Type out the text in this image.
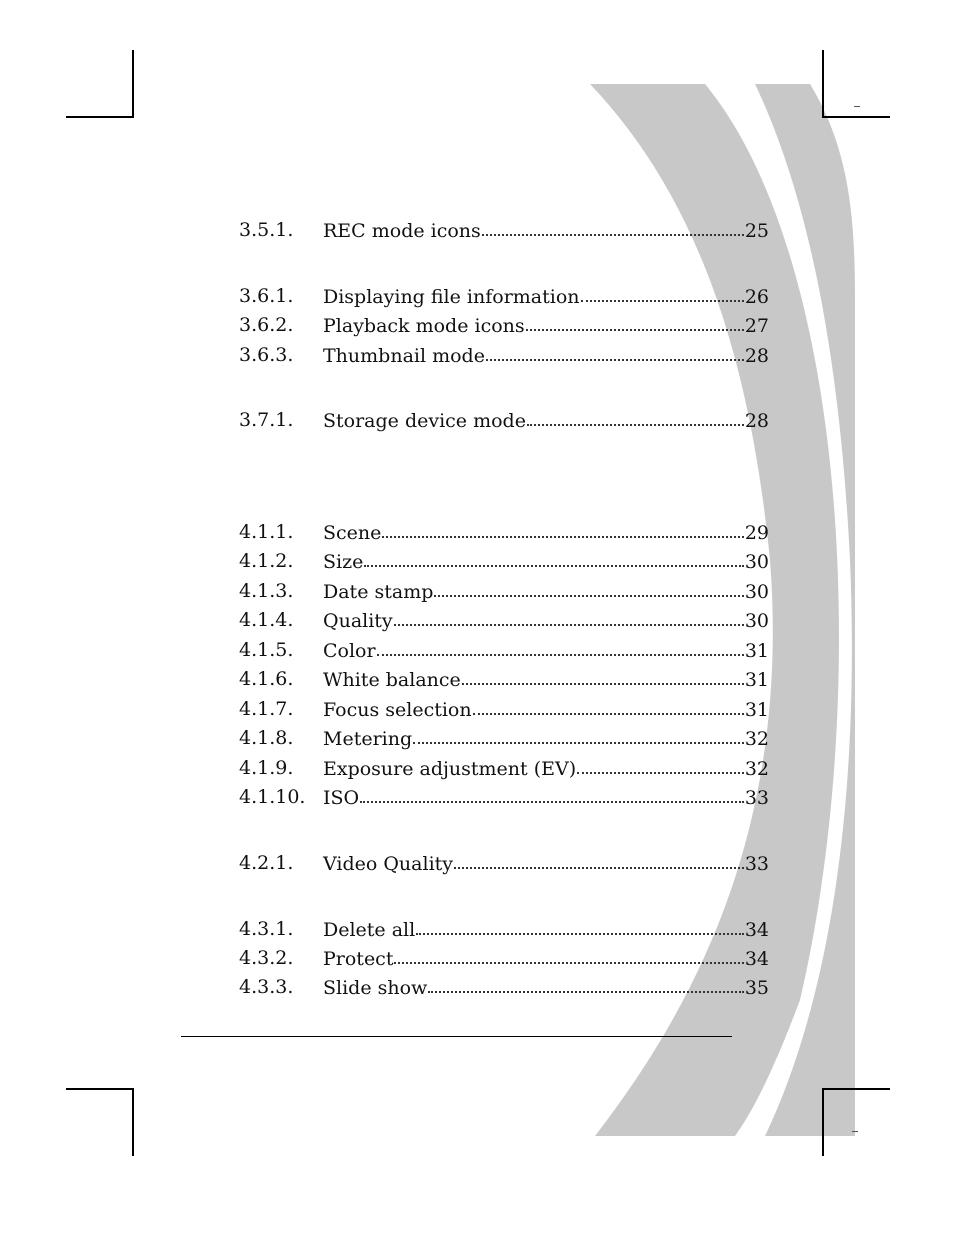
3.5.1. REC mode icons	25
3.6.1. Displaying file information	26
3.6.2. Playback mode icons	27
3.6.3. Thumbnail mode	28
3.7.1. Storage device mode	28
4.1.1. Scene	29
4.1.2. Size	30
4.1.3. Date stamp	30
4.1.4. Quality	30
4.1.5. Color	31
4.1.6. White balance	31
4.1.7. Focus selection	31
4.1.8. Metering	32
4.1.9. Exposure adjustment (EV)	32
4.1.10. ISO	33
4.2.1. Video Quality	33
4.3.1. Delete all	34
4.3.2. Protect	34
4.3.3. Slide show	35
